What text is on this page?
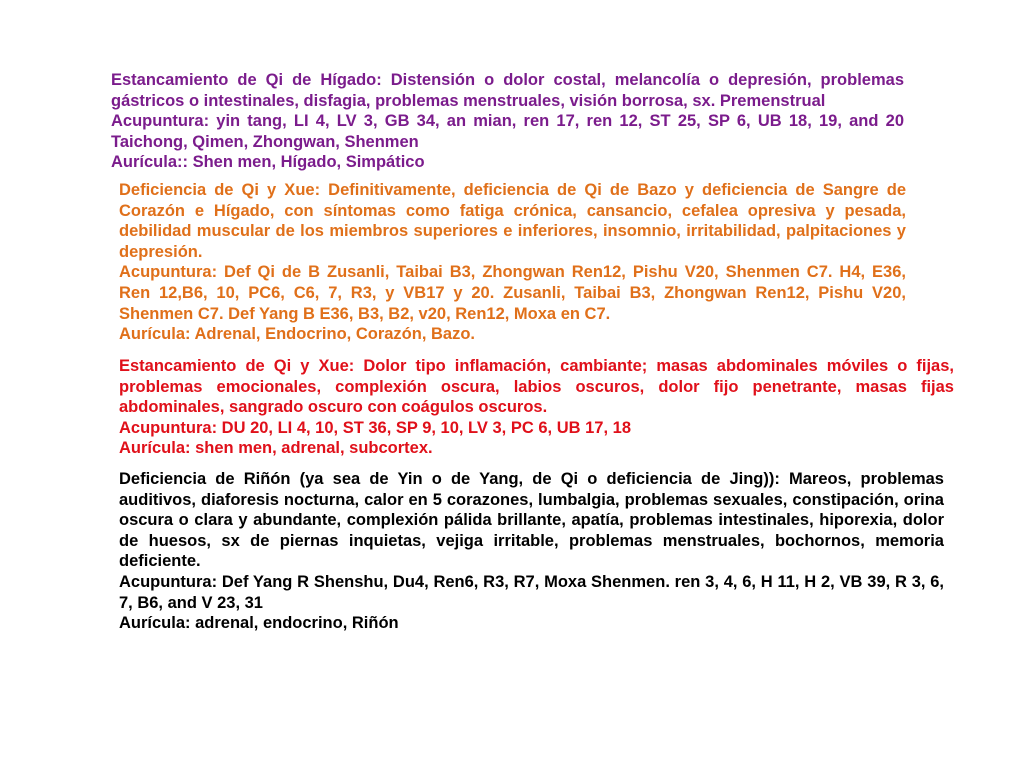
Estancamiento de Qi de Hígado: Distensión o dolor costal, melancolía o depresión, problemas gástricos o intestinales, disfagia, problemas menstruales, visión borrosa, sx. Premenstrual

Acupuntura: yin tang, LI 4, LV 3, GB 34, an mian, ren 17, ren 12, ST 25, SP 6, UB 18, 19, and 20 Taichong, Qimen, Zhongwan, Shenmen

Aurícula:: Shen men, Hígado, Simpático

Deficiencia de Qi y Xue: Definitivamente, deficiencia de Qi de Bazo y deficiencia de Sangre de Corazón e Hígado, con síntomas como fatiga crónica, cansancio, cefalea opresiva y pesada, debilidad muscular de los miembros superiores e inferiores, insomnio, irritabilidad, palpitaciones y depresión.

Acupuntura: Def Qi de B Zusanli, Taibai B3, Zhongwan Ren12, Pishu V20, Shenmen C7. H4, E36, Ren 12,B6, 10, PC6, C6, 7, R3, y VB17 y 20. Zusanli, Taibai B3, Zhongwan Ren12, Pishu V20, Shenmen C7. Def Yang B E36, B3, B2, v20, Ren12, Moxa en C7.

Aurícula: Adrenal, Endocrino, Corazón, Bazo.

Estancamiento de Qi y Xue: Dolor tipo inflamación, cambiante; masas abdominales móviles o fijas, problemas emocionales, complexión oscura, labios oscuros, dolor fijo penetrante, masas fijas abdominales, sangrado oscuro con coágulos oscuros.

Acupuntura: DU 20, LI 4, 10, ST 36, SP 9, 10, LV 3, PC 6, UB 17, 18

Aurícula: shen men, adrenal, subcortex.

Deficiencia de Riñón (ya sea de Yin o de Yang, de Qi o deficiencia de Jing)): Mareos, problemas auditivos, diaforesis nocturna, calor en 5 corazones, lumbalgia, problemas sexuales, constipación, orina oscura o clara y abundante, complexión pálida brillante, apatía, problemas intestinales, hiporexia, dolor de huesos, sx de piernas inquietas, vejiga irritable, problemas menstruales, bochornos, memoria deficiente.

Acupuntura: Def Yang R Shenshu, Du4, Ren6, R3, R7, Moxa Shenmen. ren 3, 4, 6, H 11, H 2, VB 39, R 3, 6, 7, B6, and V 23, 31

Aurícula: adrenal, endocrino, Riñón
